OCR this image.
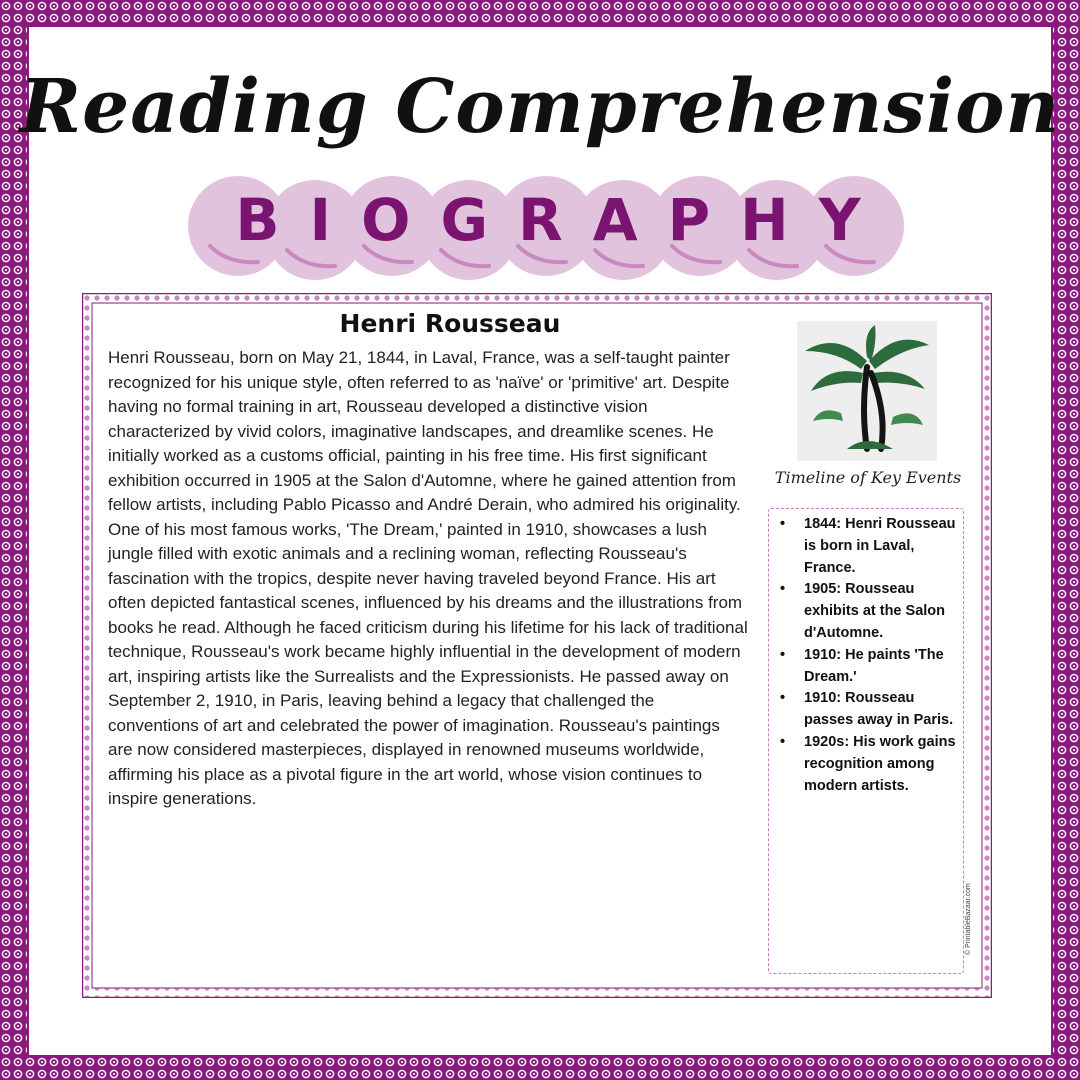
Reading Comprehension
BIOGRAPHY
Henri Rousseau
Henri Rousseau, born on May 21, 1844, in Laval, France, was a self-taught painter recognized for his unique style, often referred to as 'naïve' or 'primitive' art. Despite having no formal training in art, Rousseau developed a distinctive vision characterized by vivid colors, imaginative landscapes, and dreamlike scenes. He initially worked as a customs official, painting in his free time. His first significant exhibition occurred in 1905 at the Salon d'Automne, where he gained attention from fellow artists, including Pablo Picasso and André Derain, who admired his originality. One of his most famous works, 'The Dream,' painted in 1910, showcases a lush jungle filled with exotic animals and a reclining woman, reflecting Rousseau's fascination with the tropics, despite never having traveled beyond France. His art often depicted fantastical scenes, influenced by his dreams and the illustrations from books he read. Although he faced criticism during his lifetime for his lack of traditional technique, Rousseau's work became highly influential in the development of modern art, inspiring artists like the Surrealists and the Expressionists. He passed away on September 2, 1910, in Paris, leaving behind a legacy that challenged the conventions of art and celebrated the power of imagination. Rousseau's paintings are now considered masterpieces, displayed in renowned museums worldwide, affirming his place as a pivotal figure in the art world, whose vision continues to inspire generations.
Timeline of Key Events
• 1844: Henri Rousseau is born in Laval, France.
• 1905: Rousseau exhibits at the Salon d'Automne.
• 1910: He paints 'The Dream.'
• 1910: Rousseau passes away in Paris.
• 1920s: His work gains recognition among modern artists.
© PrintableBazaar.com
